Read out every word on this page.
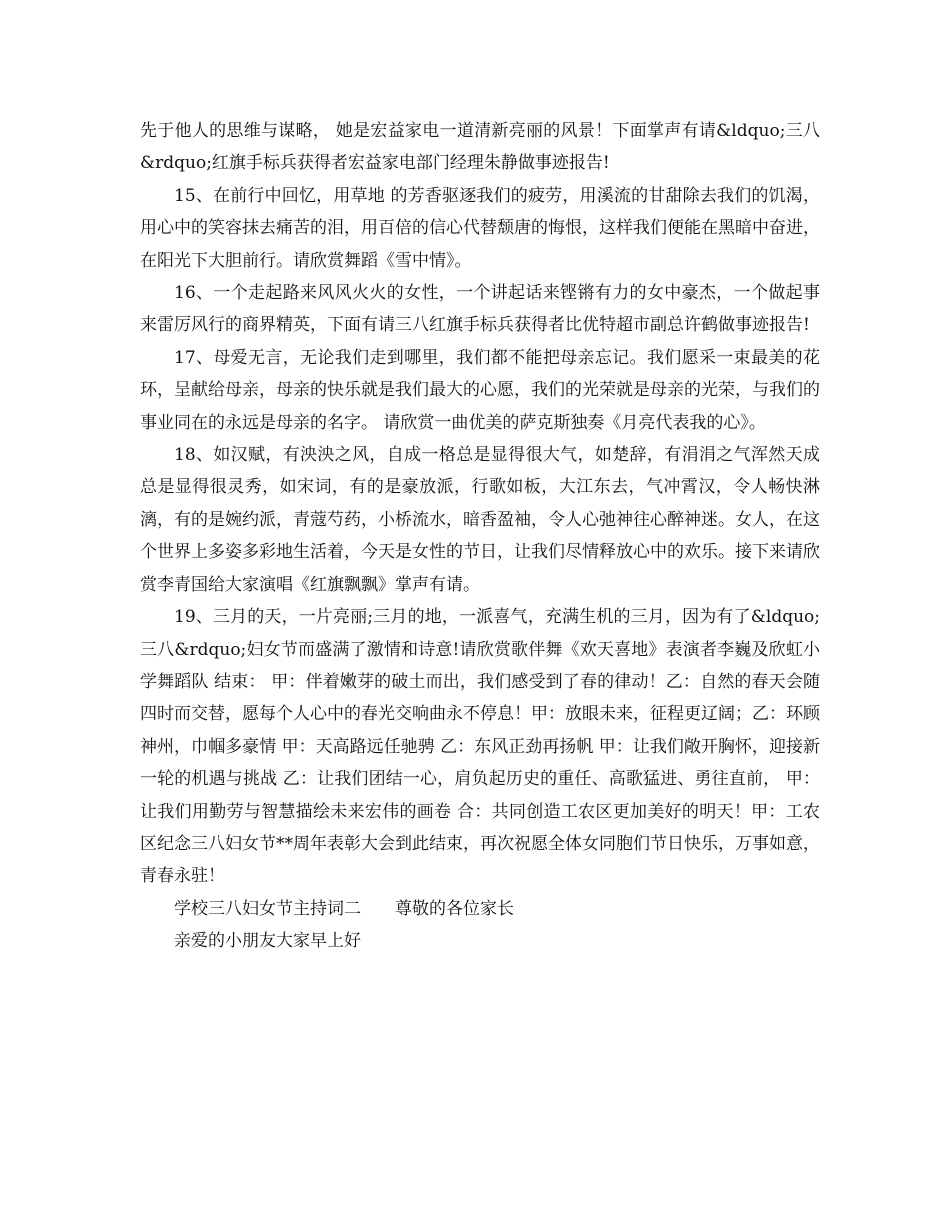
先于他人的思维与谋略， 她是宏益家电一道清新亮丽的风景！下面掌声有请&ldquo;三八&rdquo;红旗手标兵获得者宏益家电部门经理朱静做事迹报告!

15、在前行中回忆，用草地 的芳香驱逐我们的疲劳，用溪流的甘甜除去我们的饥渴，用心中的笑容抹去痛苦的泪，用百倍的信心代替颓唐的悔恨，这样我们便能在黑暗中奋进，在阳光下大胆前行。请欣赏舞蹈《雪中情》。

16、一个走起路来风风火火的女性，一个讲起话来铿锵有力的女中豪杰，一个做起事来雷厉风行的商界精英，下面有请三八红旗手标兵获得者比优特超市副总许鹤做事迹报告!

17、母爱无言，无论我们走到哪里，我们都不能把母亲忘记。我们愿采一束最美的花环，呈献给母亲，母亲的快乐就是我们最大的心愿，我们的光荣就是母亲的光荣，与我们的事业同在的永远是母亲的名字。 请欣赏一曲优美的萨克斯独奏《月亮代表我的心》。

18、如汉赋，有泱泱之风，自成一格总是显得很大气，如楚辞，有涓涓之气浑然天成总是显得很灵秀，如宋词，有的是豪放派，行歌如板，大江东去，气冲霄汉，令人畅快淋漓，有的是婉约派，青蔻芍药，小桥流水，暗香盈袖，令人心弛神往心醉神迷。女人，在这个世界上多姿多彩地生活着，今天是女性的节日，让我们尽情释放心中的欢乐。接下来请欣赏李青国给大家演唱《红旗飘飘》掌声有请。

19、三月的天，一片亮丽;三月的地，一派喜气，充满生机的三月，因为有了&ldquo;三八&rdquo;妇女节而盛满了激情和诗意!请欣赏歌伴舞《欢天喜地》表演者李巍及欣虹小学舞蹈队 结束： 甲：伴着嫩芽的破土而出，我们感受到了春的律动！乙：自然的春天会随四时而交替，愿每个人心中的春光交响曲永不停息！甲：放眼未来，征程更辽阔；乙：环顾神州，巾帼多豪情 甲：天高路远任驰骋 乙：东风正劲再扬帆 甲：让我们敞开胸怀，迎接新一轮的机遇与挑战 乙：让我们团结一心，肩负起历史的重任、高歌猛进、勇往直前， 甲：让我们用勤劳与智慧描绘未来宏伟的画卷 合：共同创造工农区更加美好的明天！甲：工农区纪念三八妇女节**周年表彰大会到此结束，再次祝愿全体女同胞们节日快乐，万事如意，青春永驻！

学校三八妇女节主持词二　　尊敬的各位家长

亲爱的小朋友大家早上好
